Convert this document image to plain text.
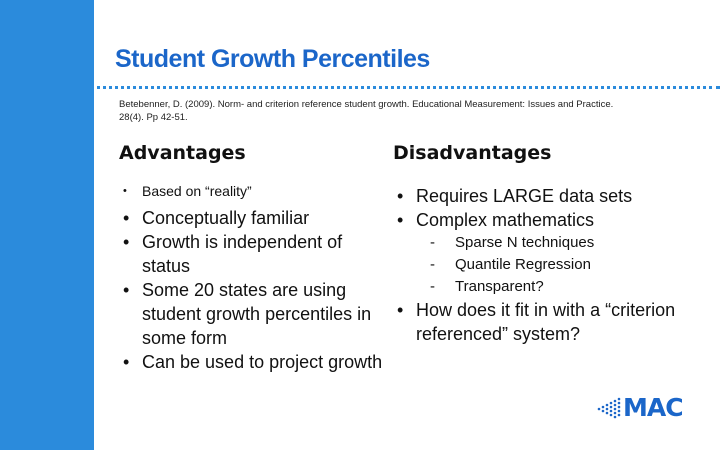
Student Growth Percentiles
Betebenner, D. (2009). Norm- and criterion reference student growth. Educational Measurement: Issues and Practice. 28(4). Pp 42-51.
Advantages	Disadvantages
• Based on “reality”
• Conceptually familiar
• Growth is independent of status
• Some 20 states are using student growth percentiles in some form
• Can be used to project growth
• Requires LARGE data sets
• Complex mathematics
- Sparse N techniques
- Quantile Regression
- Transparent?
• How does it fit in with a “criterion referenced” system?
MAC
